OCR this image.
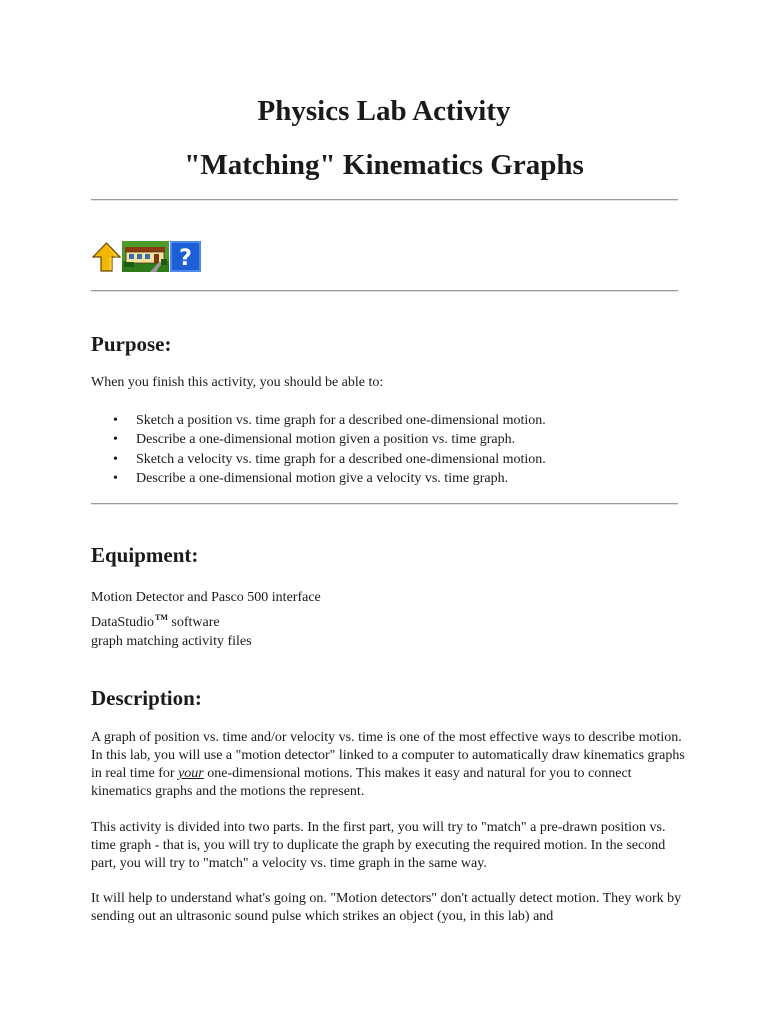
Physics Lab Activity
"Matching" Kinematics Graphs
?
Purpose:

When you finish this activity, you should be able to:

• Sketch a position vs. time graph for a described one-dimensional motion.
• Describe a one-dimensional motion given a position vs. time graph.
• Sketch a velocity vs. time graph for a described one-dimensional motion.
• Describe a one-dimensional motion give a velocity vs. time graph.
Equipment:
Motion Detector and Pasco 500 interface
DataStudio™ software
graph matching activity files
Description:

A graph of position vs. time and/or velocity vs. time is one of the most effective ways to describe motion. In this lab, you will use a "motion detector" linked to a computer to automatically draw kinematics graphs in real time for your one-dimensional motions. This makes it easy and natural for you to connect kinematics graphs and the motions the represent.

This activity is divided into two parts. In the first part, you will try to "match" a pre-drawn position vs. time graph - that is, you will try to duplicate the graph by executing the required motion. In the second part, you will try to "match" a velocity vs. time graph in the same way.

It will help to understand what's going on. "Motion detectors" don't actually detect motion. They work by sending out an ultrasonic sound pulse which strikes an object (you, in this lab) and
